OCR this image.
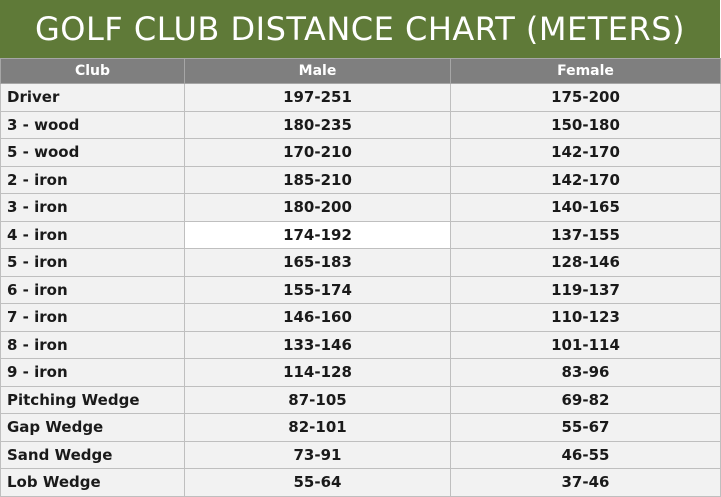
GOLF CLUB DISTANCE CHART (METERS)
Club	Male	Female
Driver	197-251	175-200
3 - wood	180-235	150-180
5 - wood	170-210	142-170
2 - iron	185-210	142-170
3 - iron	180-200	140-165
4 - iron	174-192	137-155
5 - iron	165-183	128-146
6 - iron	155-174	119-137
7 - iron	146-160	110-123
8 - iron	133-146	101-114
9 - iron	114-128	83-96
Pitching Wedge	87-105	69-82
Gap Wedge	82-101	55-67
Sand Wedge	73-91	46-55
Lob Wedge	55-64	37-46
